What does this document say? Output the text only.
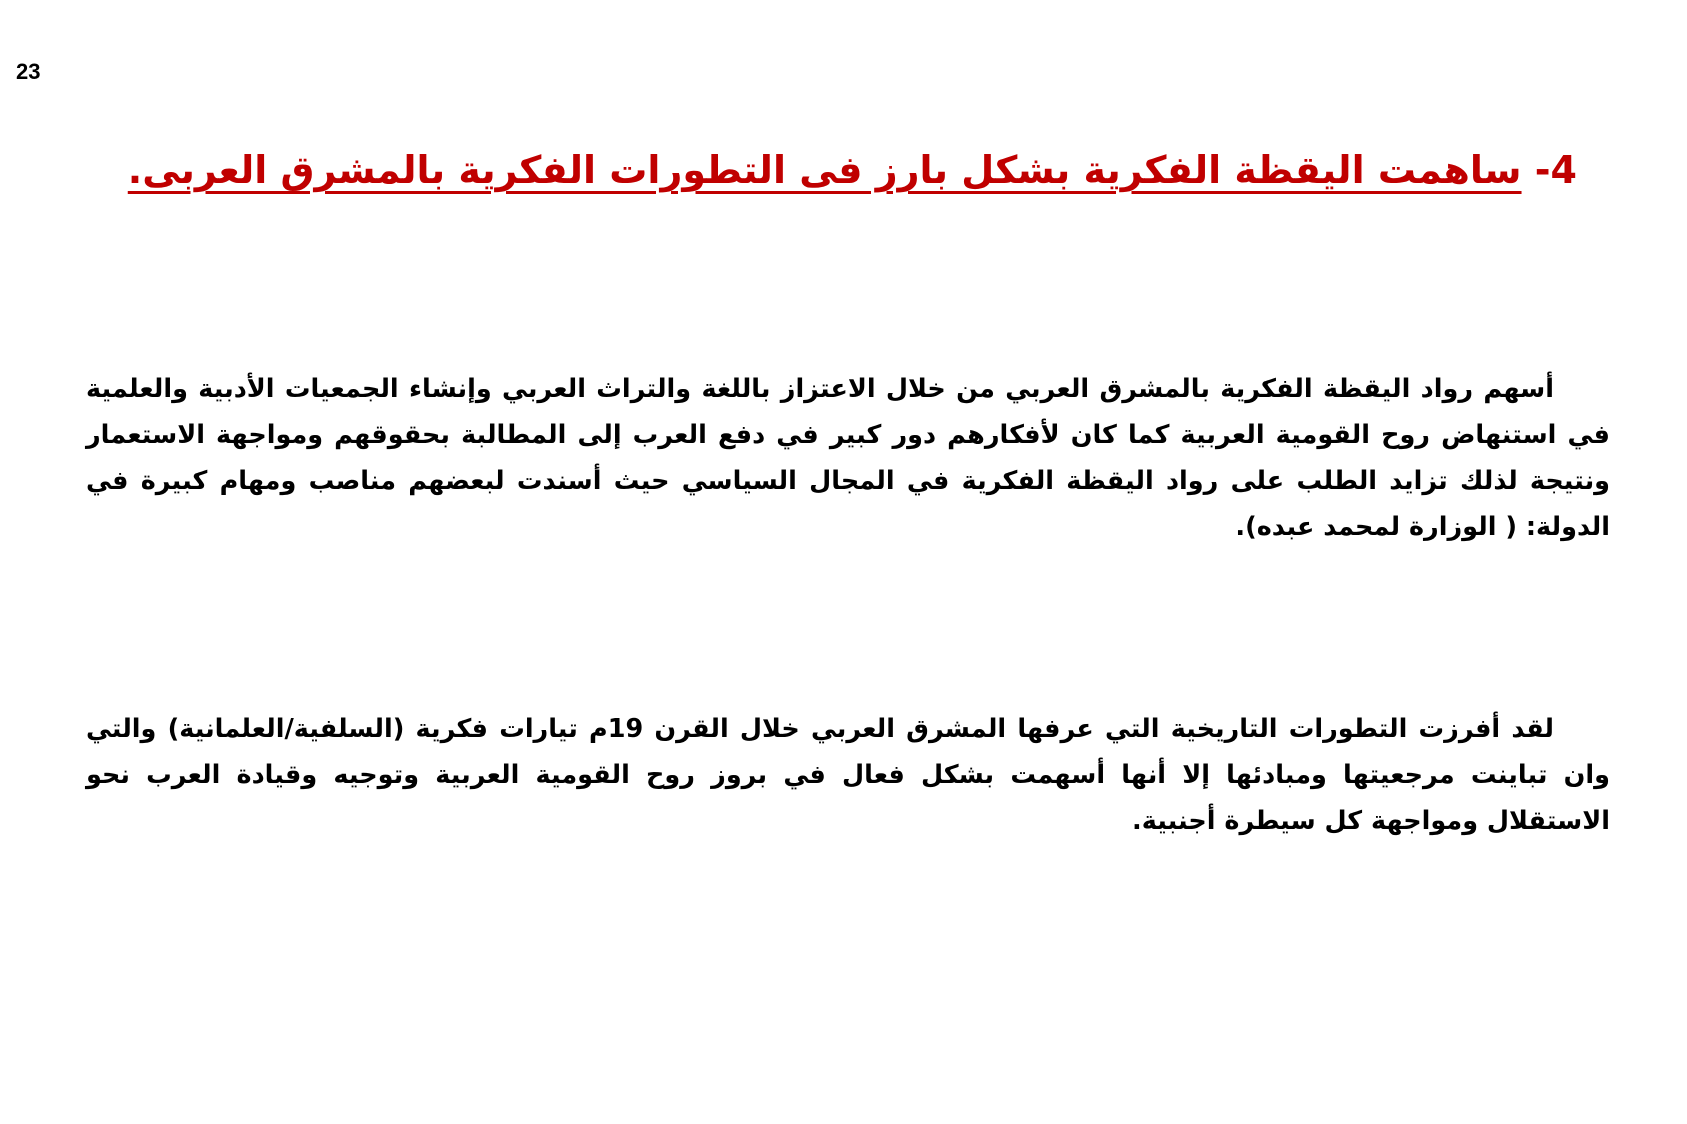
23
4- ساهمت اليقظة الفكرية بشكل بارز فى التطورات الفكرية بالمشرق العربى.

أسهم رواد اليقظة الفكرية بالمشرق العربي من خلال الاعتزاز باللغة والتراث العربي وإنشاء الجمعيات الأدبية والعلمية في استنهاض روح القومية العربية كما كان لأفكارهم دور كبير في دفع العرب إلى المطالبة بحقوقهم ومواجهة الاستعمار ونتيجة لذلك تزايد الطلب على رواد اليقظة الفكرية في المجال السياسي حيث أسندت لبعضهم مناصب ومهام كبيرة في الدولة: ( الوزارة لمحمد عبده).

لقد أفرزت التطورات التاريخية التي عرفها المشرق العربي خلال القرن 19م تيارات فكرية (السلفية/العلمانية) والتي وان تباينت مرجعيتها ومبادئها إلا أنها أسهمت بشكل فعال في بروز روح القومية العربية وتوجيه وقيادة العرب نحو الاستقلال ومواجهة كل سيطرة أجنبية.
